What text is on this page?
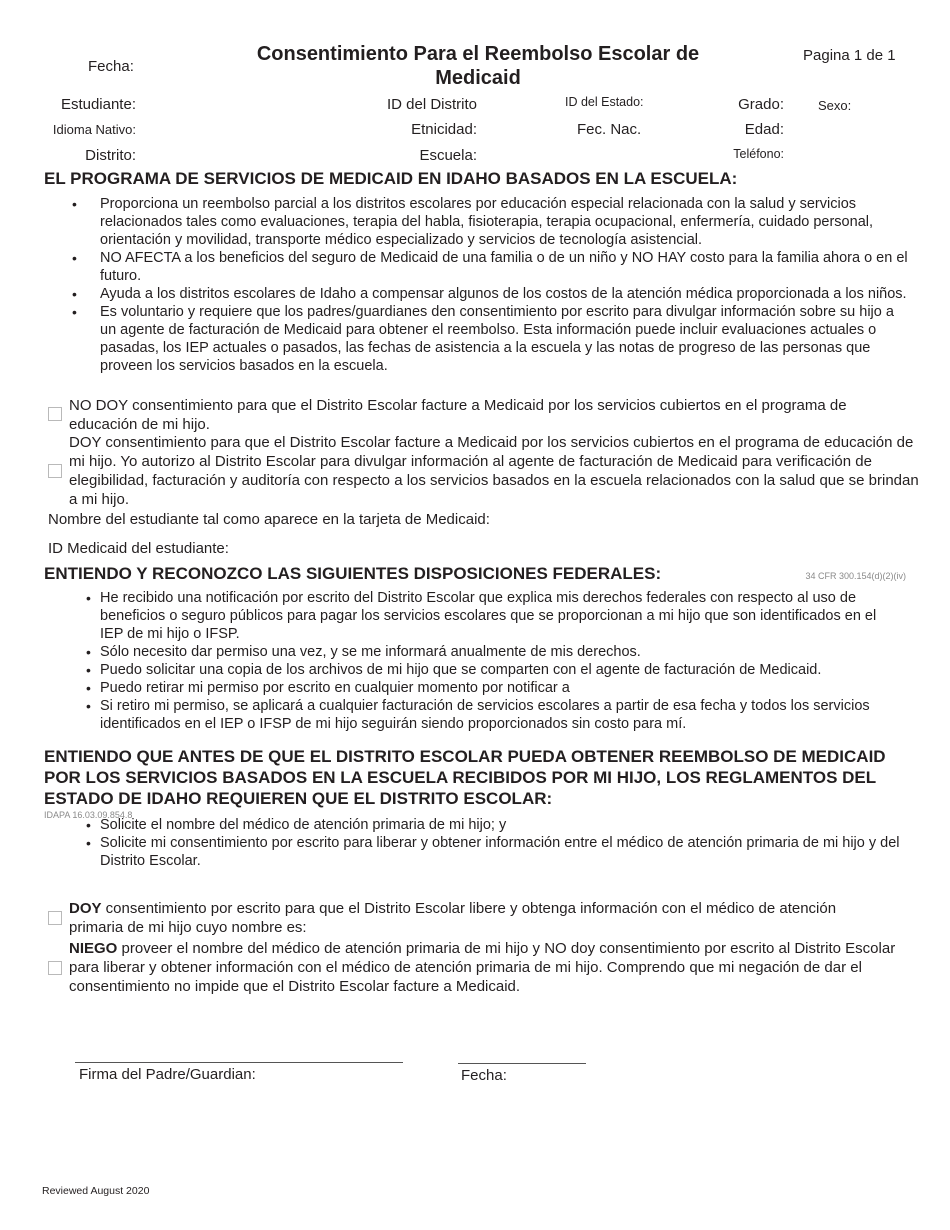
Fecha:
Consentimiento Para el Reembolso Escolar de Medicaid
Pagina 1 de 1
Estudiante:	ID del Distrito	ID del Estado:	Grado:	Sexo:
Idioma Nativo:	Etnicidad:	Fec. Nac.	Edad:
Distrito:	Escuela:	Teléfono:
EL PROGRAMA DE SERVICIOS DE MEDICAID EN IDAHO BASADOS EN LA ESCUELA:
• Proporciona un reembolso parcial a los distritos escolares por educación especial relacionada con la salud y servicios relacionados tales como evaluaciones, terapia del habla, fisioterapia, terapia ocupacional, enfermería, cuidado personal, orientación y movilidad, transporte médico especializado y servicios de tecnología asistencial.
• NO AFECTA a los beneficios del seguro de Medicaid de una familia o de un niño y NO HAY costo para la familia ahora o en el futuro.
• Ayuda a los distritos escolares de Idaho a compensar algunos de los costos de la atención médica proporcionada a los niños.
• Es voluntario y requiere que los padres/guardianes den consentimiento por escrito para divulgar información sobre su hijo a un agente de facturación de Medicaid para obtener el reembolso. Esta información puede incluir evaluaciones actuales o pasadas, los IEP actuales o pasados, las fechas de asistencia a la escuela y las notas de progreso de las personas que proveen los servicios basados en la escuela.
NO DOY consentimiento para que el Distrito Escolar facture a Medicaid por los servicios cubiertos en el programa de educación de mi hijo.
DOY consentimiento para que el Distrito Escolar facture a Medicaid por los servicios cubiertos en el programa de educación de mi hijo. Yo autorizo al Distrito Escolar para divulgar información al agente de facturación de Medicaid para verificación de elegibilidad, facturación y auditoría con respecto a los servicios basados en la escuela relacionados con la salud que se brindan a mi hijo.
Nombre del estudiante tal como aparece en la tarjeta de Medicaid:
ID Medicaid del estudiante:
ENTIENDO Y RECONOZCO LAS SIGUIENTES DISPOSICIONES FEDERALES:	34 CFR 300.154(d)(2)(iv)
• He recibido una notificación por escrito del Distrito Escolar que explica mis derechos federales con respecto al uso de beneficios o seguro públicos para pagar los servicios escolares que se proporcionan a mi hijo que son identificados en el IEP de mi hijo o IFSP.
• Sólo necesito dar permiso una vez, y se me informará anualmente de mis derechos.
• Puedo solicitar una copia de los archivos de mi hijo que se comparten con el agente de facturación de Medicaid.
• Puedo retirar mi permiso por escrito en cualquier momento por notificar a
• Si retiro mi permiso, se aplicará a cualquier facturación de servicios escolares a partir de esa fecha y todos los servicios identificados en el IEP o IFSP de mi hijo seguirán siendo proporcionados sin costo para mí.
ENTIENDO QUE ANTES DE QUE EL DISTRITO ESCOLAR PUEDA OBTENER REEMBOLSO DE MEDICAID POR LOS SERVICIOS BASADOS EN LA ESCUELA RECIBIDOS POR MI HIJO, LOS REGLAMENTOS DEL ESTADO DE IDAHO REQUIEREN QUE EL DISTRITO ESCOLAR:
IDAPA 16.03.09.854.8
• Solicite el nombre del médico de atención primaria de mi hijo; y
• Solicite mi consentimiento por escrito para liberar y obtener información entre el médico de atención primaria de mi hijo y del Distrito Escolar.
DOY consentimiento por escrito para que el Distrito Escolar libere y obtenga información con el médico de atención primaria de mi hijo cuyo nombre es:
NIEGO proveer el nombre del médico de atención primaria de mi hijo y NO doy consentimiento por escrito al Distrito Escolar para liberar y obtener información con el médico de atención primaria de mi hijo. Comprendo que mi negación de dar el consentimiento no impide que el Distrito Escolar facture a Medicaid.
Firma del Padre/Guardian:	Fecha:
Reviewed August 2020
